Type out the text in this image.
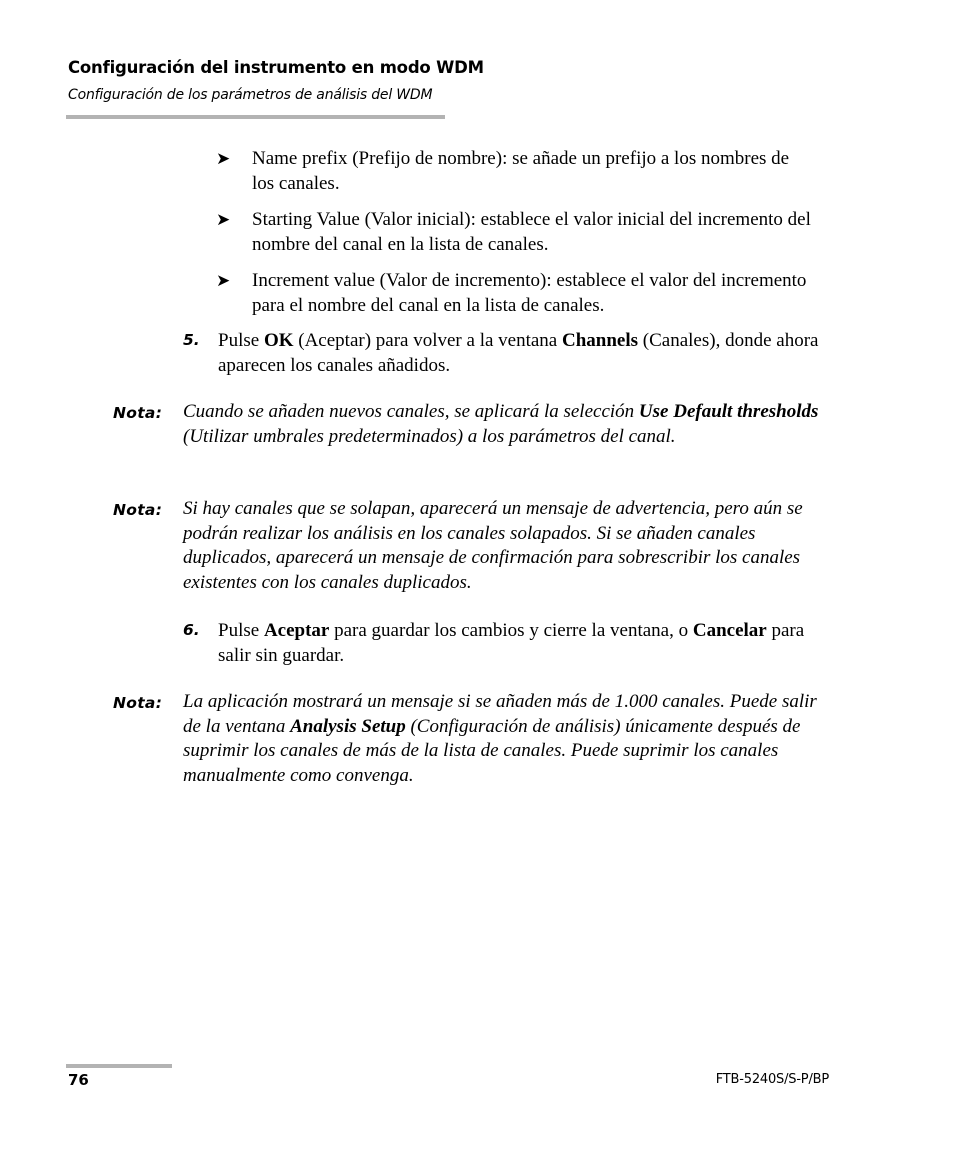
Configuración del instrumento en modo WDM
Configuración de los parámetros de análisis del WDM
➤ Name prefix (Prefijo de nombre): se añade un prefijo a los nombres de los canales.
➤ Starting Value (Valor inicial): establece el valor inicial del incremento del nombre del canal en la lista de canales.
➤ Increment value (Valor de incremento): establece el valor del incremento para el nombre del canal en la lista de canales.
5. Pulse OK (Aceptar) para volver a la ventana Channels (Canales), donde ahora aparecen los canales añadidos.
Nota: Cuando se añaden nuevos canales, se aplicará la selección Use Default thresholds (Utilizar umbrales predeterminados) a los parámetros del canal.
Nota: Si hay canales que se solapan, aparecerá un mensaje de advertencia, pero aún se podrán realizar los análisis en los canales solapados. Si se añaden canales duplicados, aparecerá un mensaje de confirmación para sobrescribir los canales existentes con los canales duplicados.
6. Pulse Aceptar para guardar los cambios y cierre la ventana, o Cancelar para salir sin guardar.
Nota: La aplicación mostrará un mensaje si se añaden más de 1.000 canales. Puede salir de la ventana Analysis Setup (Configuración de análisis) únicamente después de suprimir los canales de más de la lista de canales. Puede suprimir los canales manualmente como convenga.
76	FTB-5240S/S-P/BP
